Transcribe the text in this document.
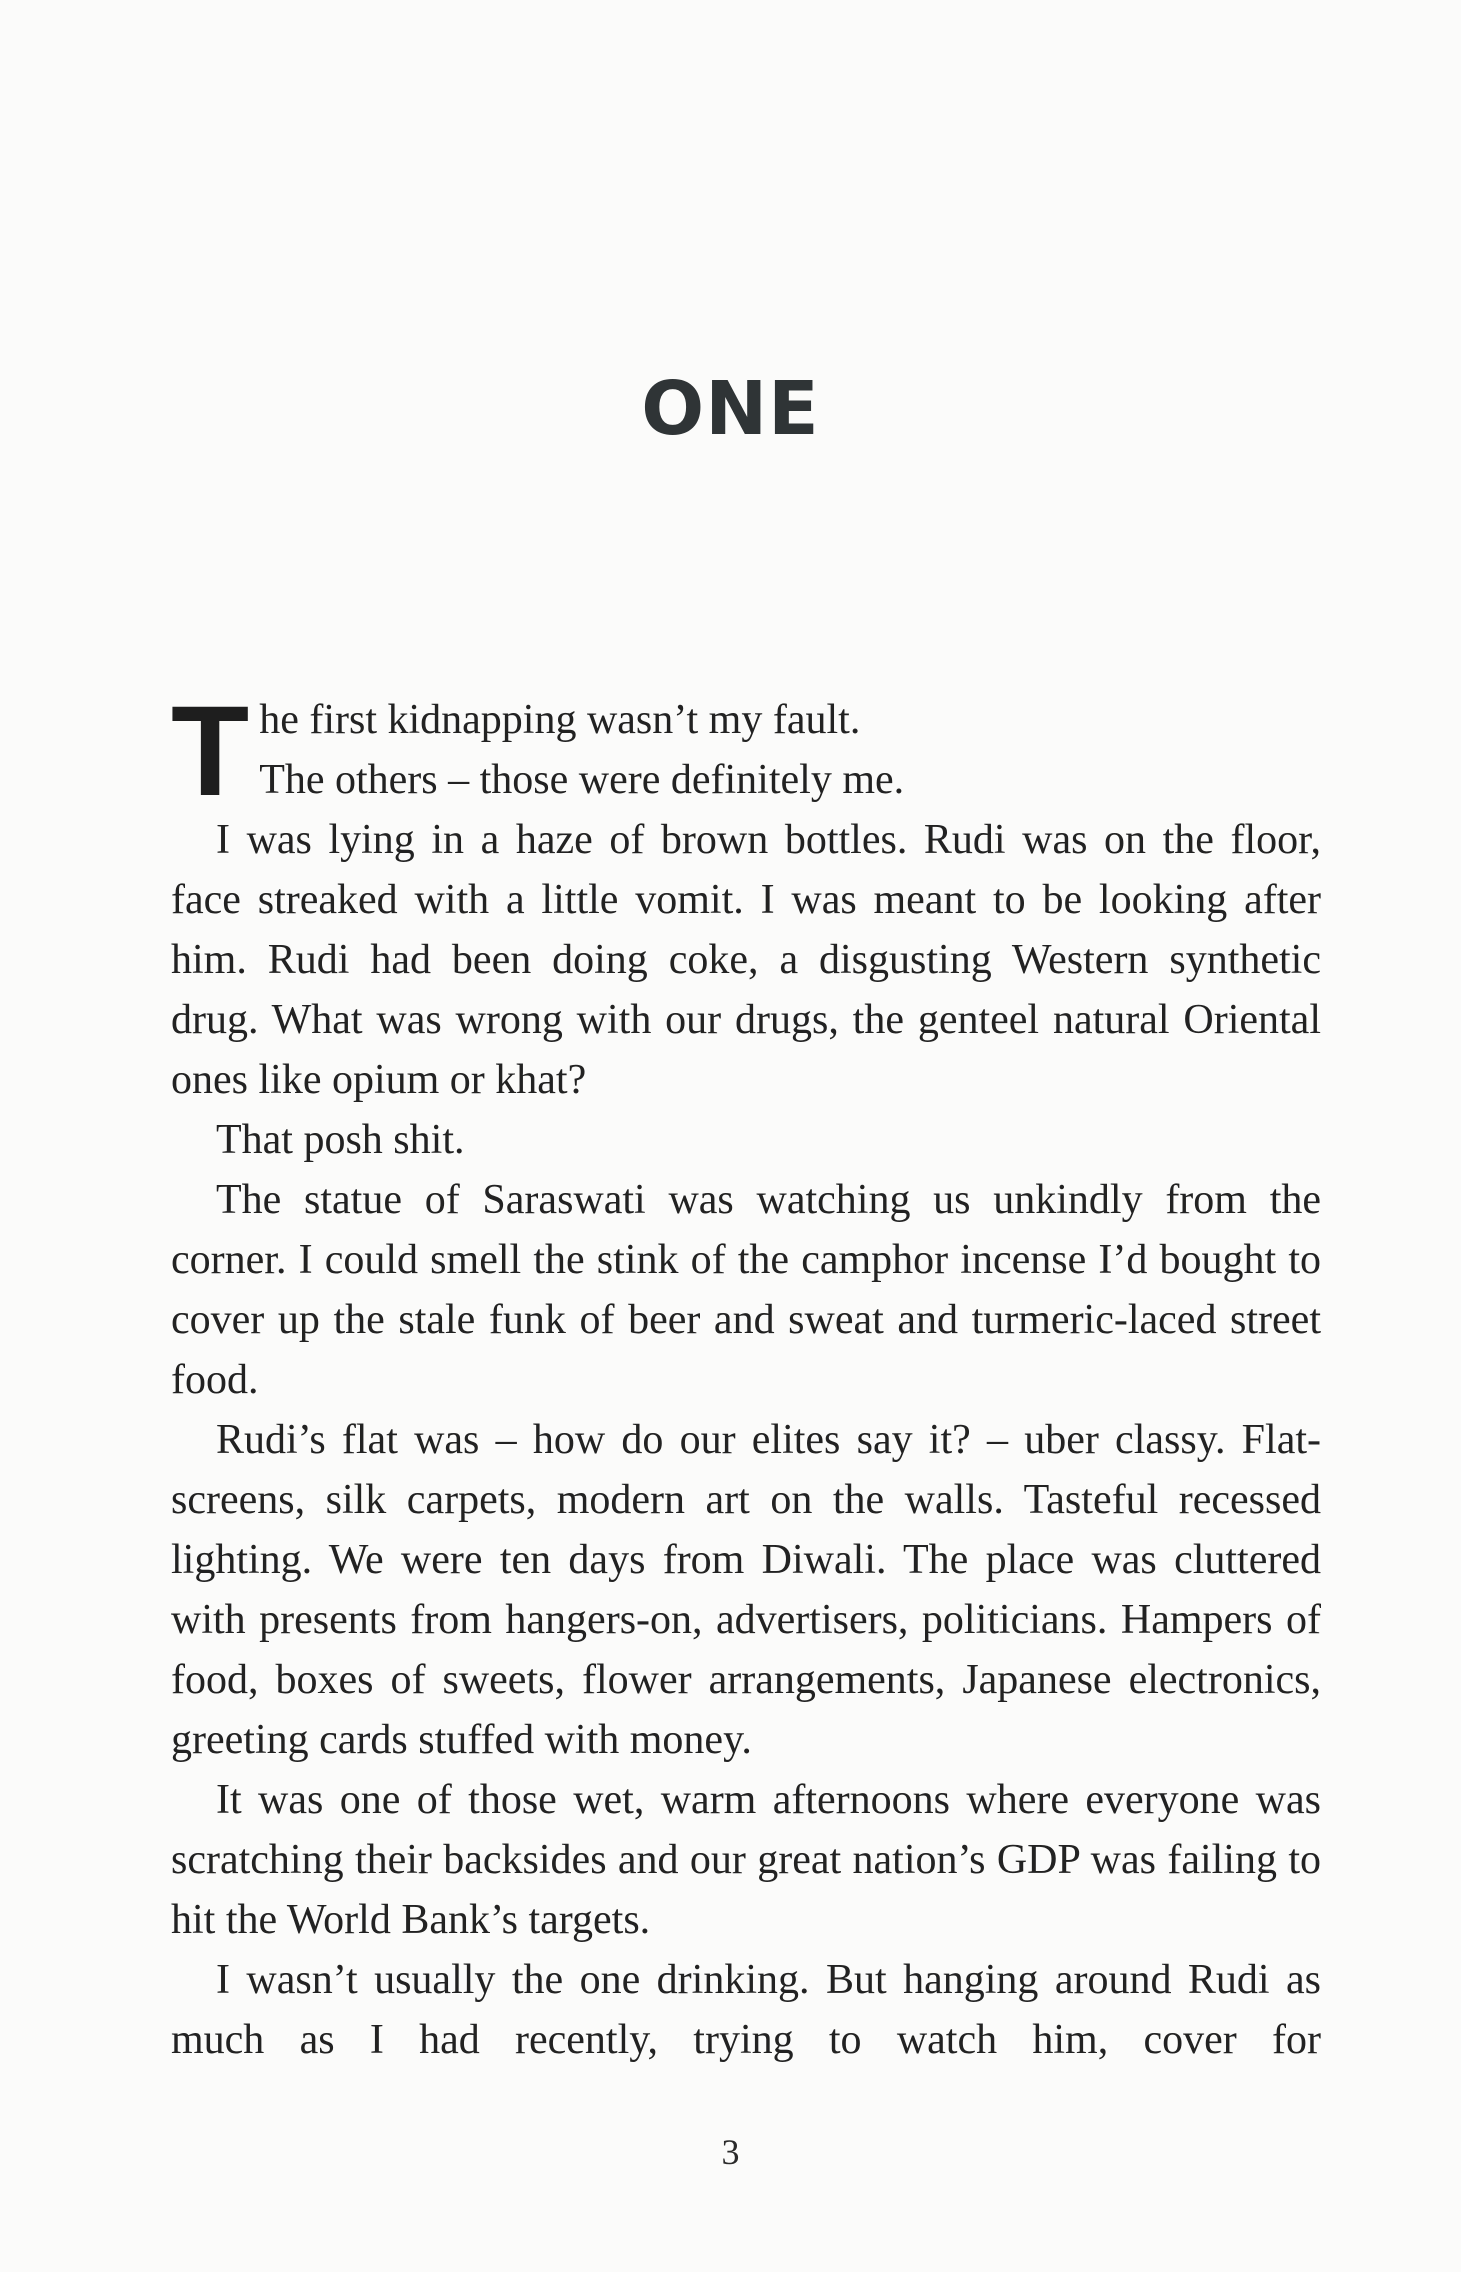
ONE

T he first kidnapping wasn’t my fault.
The others – those were definitely me.

I was lying in a haze of brown bottles. Rudi was on the floor, face streaked with a little vomit. I was meant to be looking after him. Rudi had been doing coke, a disgusting Western synthetic drug. What was wrong with our drugs, the genteel natural Oriental ones like opium or khat?

That posh shit.

The statue of Saraswati was watching us unkindly from the corner. I could smell the stink of the camphor incense I’d bought to cover up the stale funk of beer and sweat and turmeric-laced street food.

Rudi’s flat was – how do our elites say it? – uber classy. Flat-screens, silk carpets, modern art on the walls. Tasteful recessed lighting. We were ten days from Diwali. The place was cluttered with presents from hangers-on, advertisers, politicians. Hampers of food, boxes of sweets, flower arrangements, Japanese electronics, greeting cards stuffed with money.

It was one of those wet, warm afternoons where everyone was scratching their backsides and our great nation’s GDP was failing to hit the World Bank’s targets.

I wasn’t usually the one drinking. But hanging around Rudi as much as I had recently, trying to watch him, cover for

3
